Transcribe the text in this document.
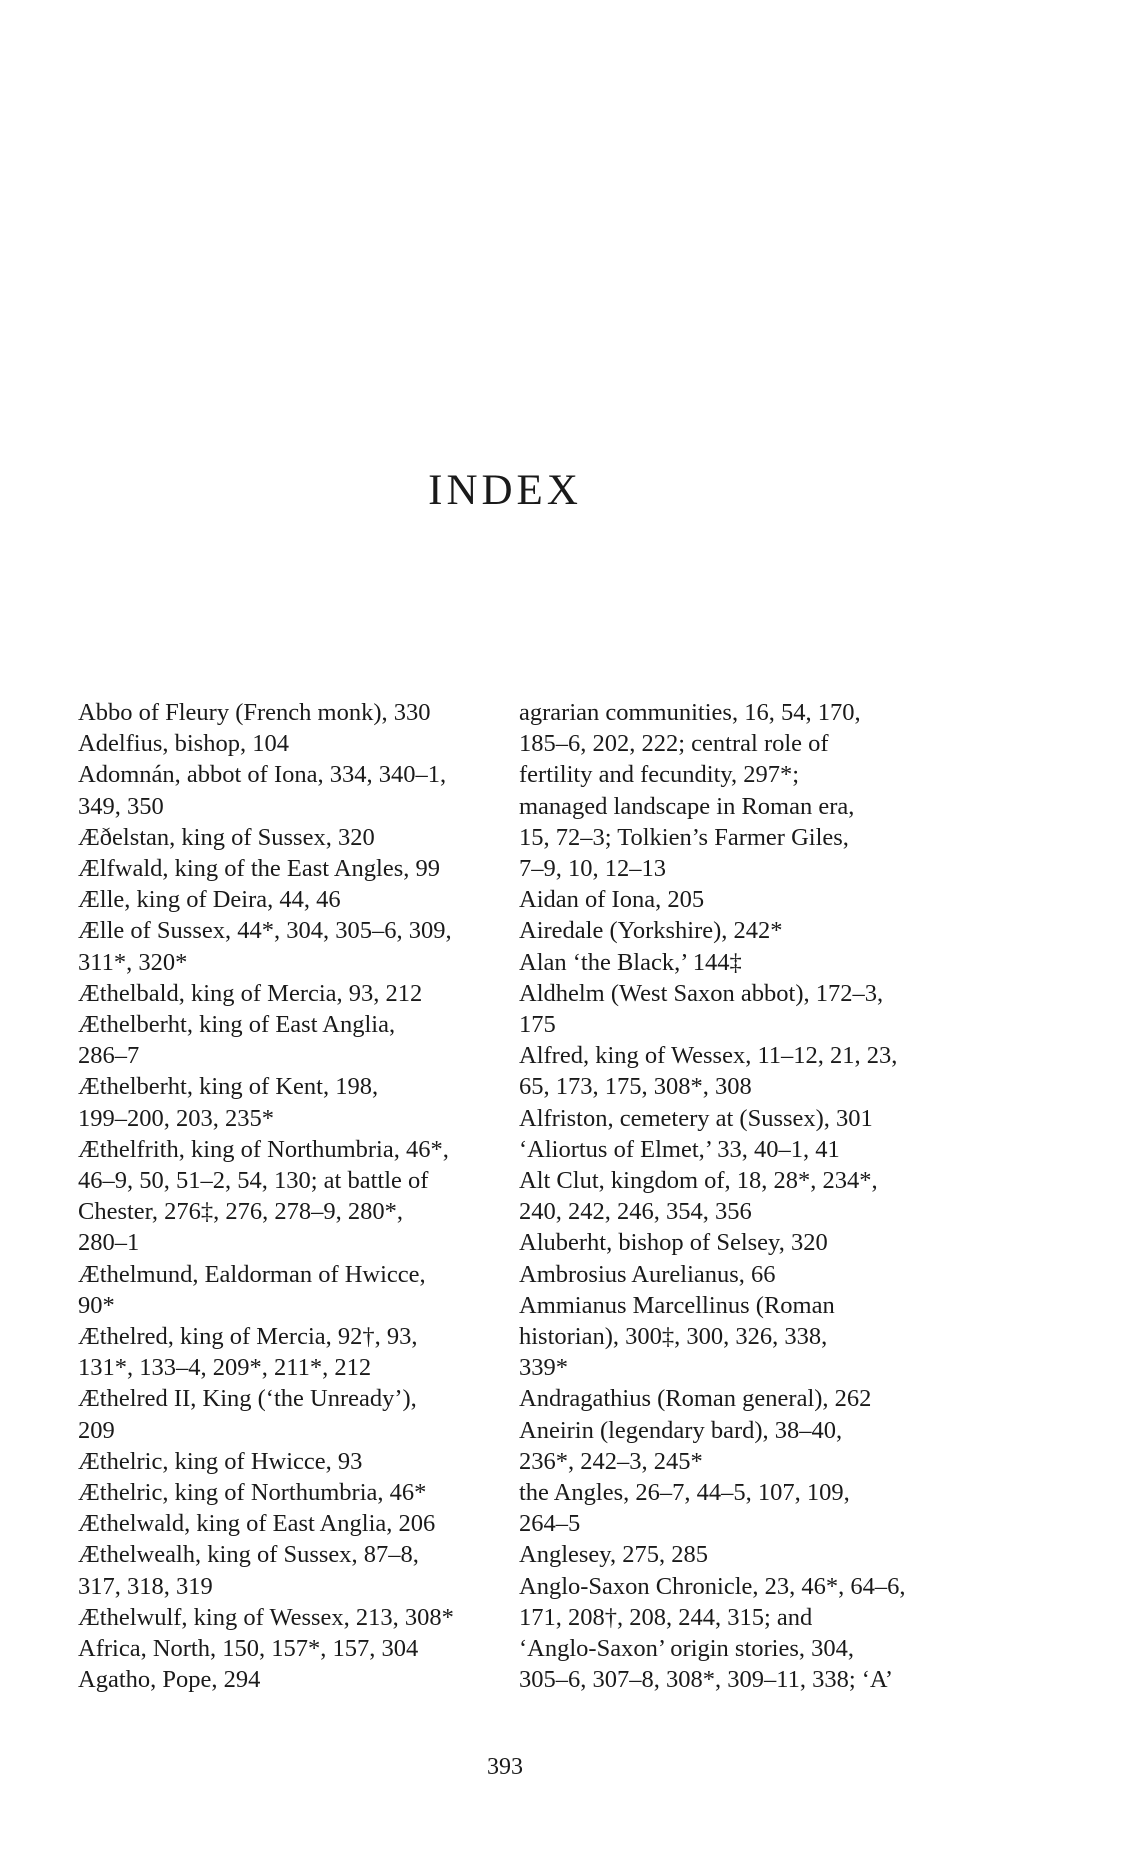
INDEX

Abbo of Fleury (French monk), 330

Adelfius, bishop, 104

Adomnán, abbot of Iona, 334, 340–1,
349, 350

Æðelstan, king of Sussex, 320

Ælfwald, king of the East Angles, 99

Ælle, king of Deira, 44, 46

Ælle of Sussex, 44*, 304, 305–6, 309,
311*, 320*

Æthelbald, king of Mercia, 93, 212

Æthelberht, king of East Anglia,
286–7

Æthelberht, king of Kent, 198,
199–200, 203, 235*

Æthelfrith, king of Northumbria, 46*,
46–9, 50, 51–2, 54, 130; at battle of
Chester, 276‡, 276, 278–9, 280*,
280–1

Æthelmund, Ealdorman of Hwicce,
90*

Æthelred, king of Mercia, 92†, 93,
131*, 133–4, 209*, 211*, 212

Æthelred II, King (‘the Unready’),
209

Æthelric, king of Hwicce, 93

Æthelric, king of Northumbria, 46*

Æthelwald, king of East Anglia, 206

Æthelwealh, king of Sussex, 87–8,
317, 318, 319

Æthelwulf, king of Wessex, 213, 308*

Africa, North, 150, 157*, 157, 304

Agatho, Pope, 294

agrarian communities, 16, 54, 170,
185–6, 202, 222; central role of
fertility and fecundity, 297*;
managed landscape in Roman era,
15, 72–3; Tolkien’s Farmer Giles,
7–9, 10, 12–13

Aidan of Iona, 205

Airedale (Yorkshire), 242*

Alan ‘the Black,’ 144‡

Aldhelm (West Saxon abbot), 172–3,
175

Alfred, king of Wessex, 11–12, 21, 23,
65, 173, 175, 308*, 308

Alfriston, cemetery at (Sussex), 301

‘Aliortus of Elmet,’ 33, 40–1, 41

Alt Clut, kingdom of, 18, 28*, 234*,
240, 242, 246, 354, 356

Aluberht, bishop of Selsey, 320

Ambrosius Aurelianus, 66

Ammianus Marcellinus (Roman
historian), 300‡, 300, 326, 338,
339*

Andragathius (Roman general), 262

Aneirin (legendary bard), 38–40,
236*, 242–3, 245*

the Angles, 26–7, 44–5, 107, 109,
264–5

Anglesey, 275, 285

Anglo-Saxon Chronicle, 23, 46*, 64–6,
171, 208†, 208, 244, 315; and
‘Anglo-Saxon’ origin stories, 304,
305–6, 307–8, 308*, 309–11, 338; ‘A’

393
